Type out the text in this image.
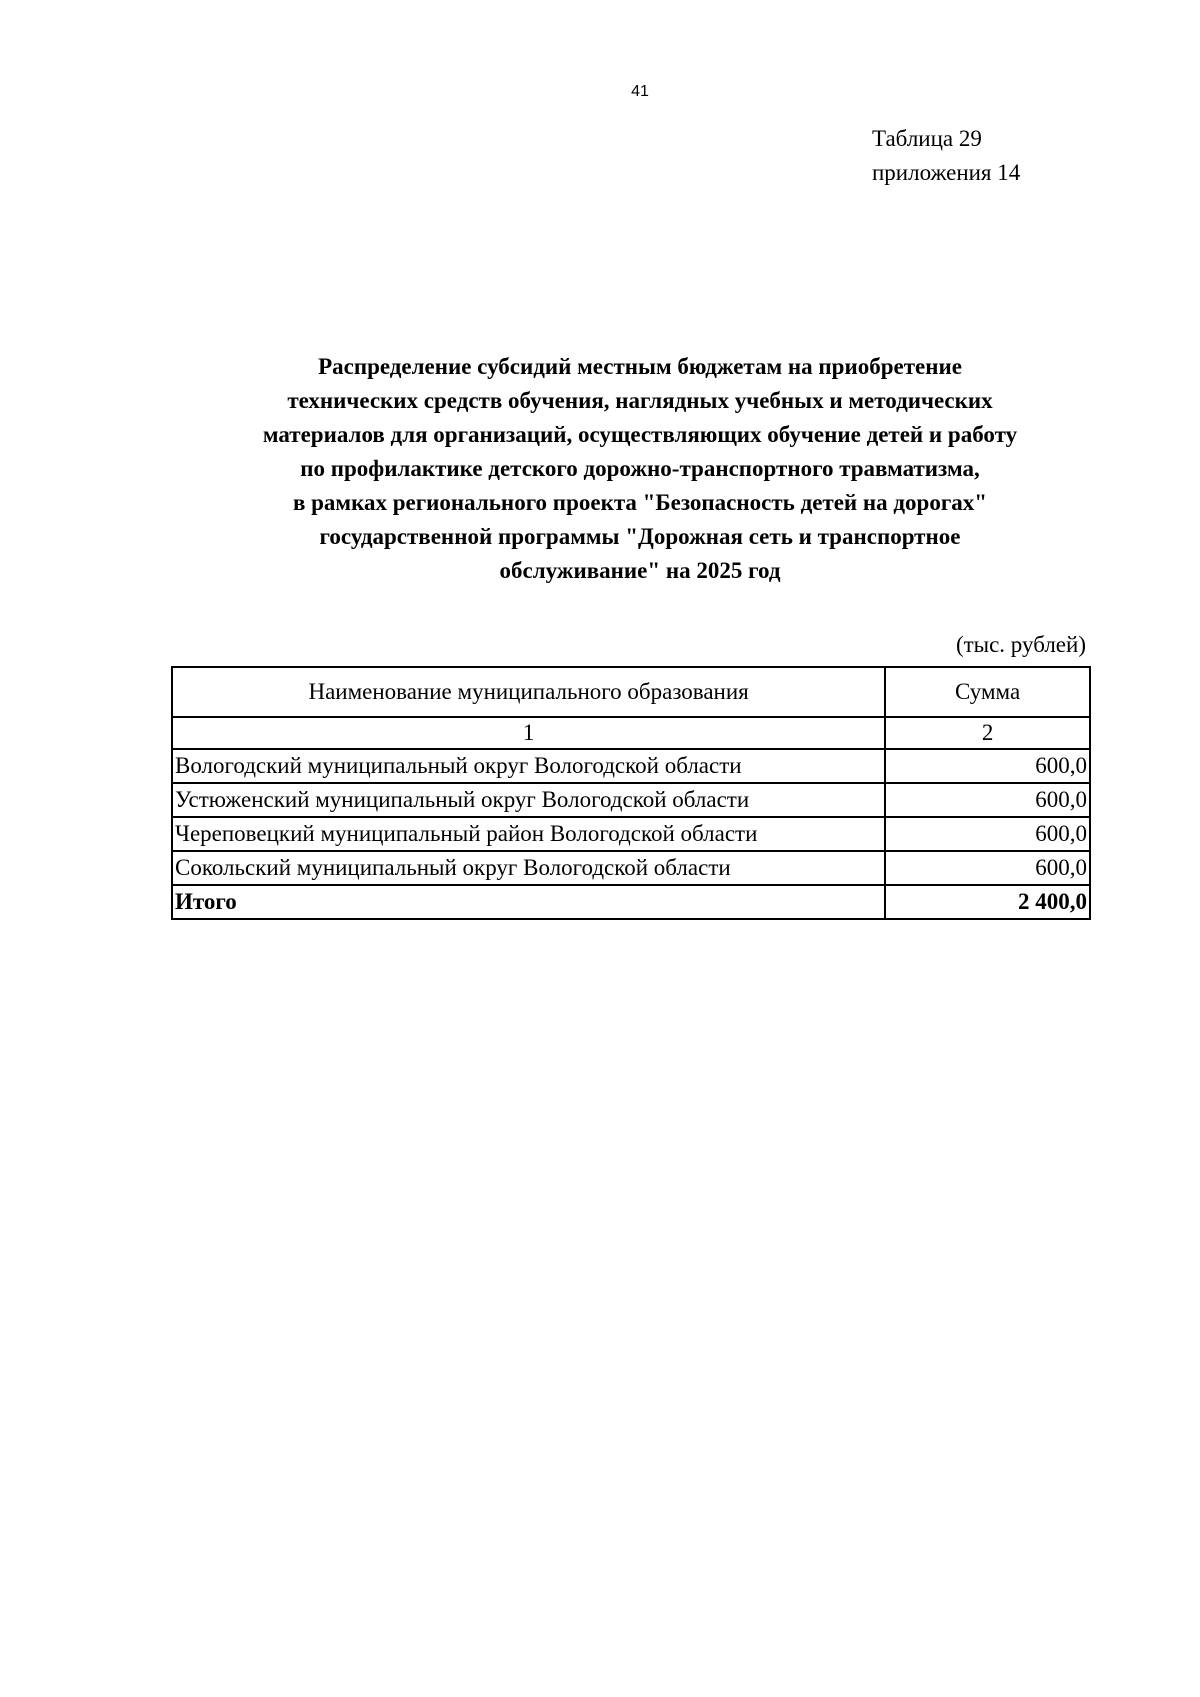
41
Таблица 29
приложения 14
Распределение субсидий местным бюджетам на приобретение
технических средств обучения, наглядных учебных и методических
материалов для организаций, осуществляющих обучение детей и работу
по профилактике детского дорожно-транспортного травматизма,
в рамках регионального проекта "Безопасность детей на дорогах"
государственной программы "Дорожная сеть и транспортное
обслуживание" на 2025 год
(тыс. рублей)
Наименование муниципального образования	Сумма
1	2
Вологодский муниципальный округ Вологодской области	600,0
Устюженский муниципальный округ Вологодской области	600,0
Череповецкий муниципальный район Вологодской области	600,0
Сокольский муниципальный округ Вологодской области	600,0
Итого	2 400,0
